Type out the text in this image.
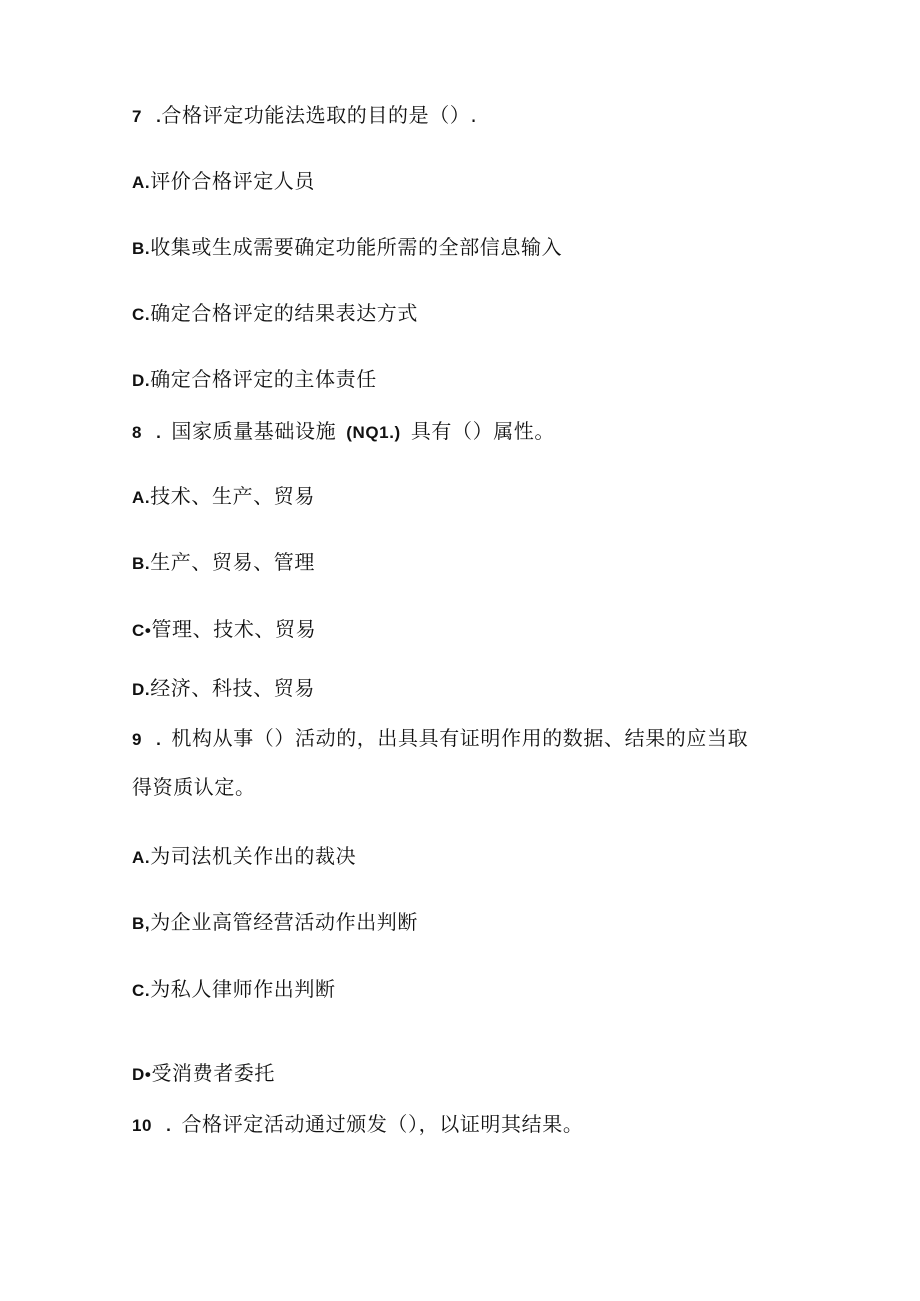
7 .合格评定功能法选取的目的是（）.
A.评价合格评定人员
B.收集或生成需要确定功能所需的全部信息输入
C.确定合格评定的结果表达方式
D.确定合格评定的主体责任
8 . 国家质量基础设施 (NQ1.) 具有（）属性。
A.技术、生产、贸易
B.生产、贸易、管理
C•管理、技术、贸易
D.经济、科技、贸易
9 . 机构从事（）活动的，出具具有证明作用的数据、结果的应当取
得资质认定。
A.为司法机关作出的裁决
B,为企业高管经营活动作出判断
C.为私人律师作出判断
D•受消费者委托
10 . 合格评定活动通过颁发（），以证明其结果。
